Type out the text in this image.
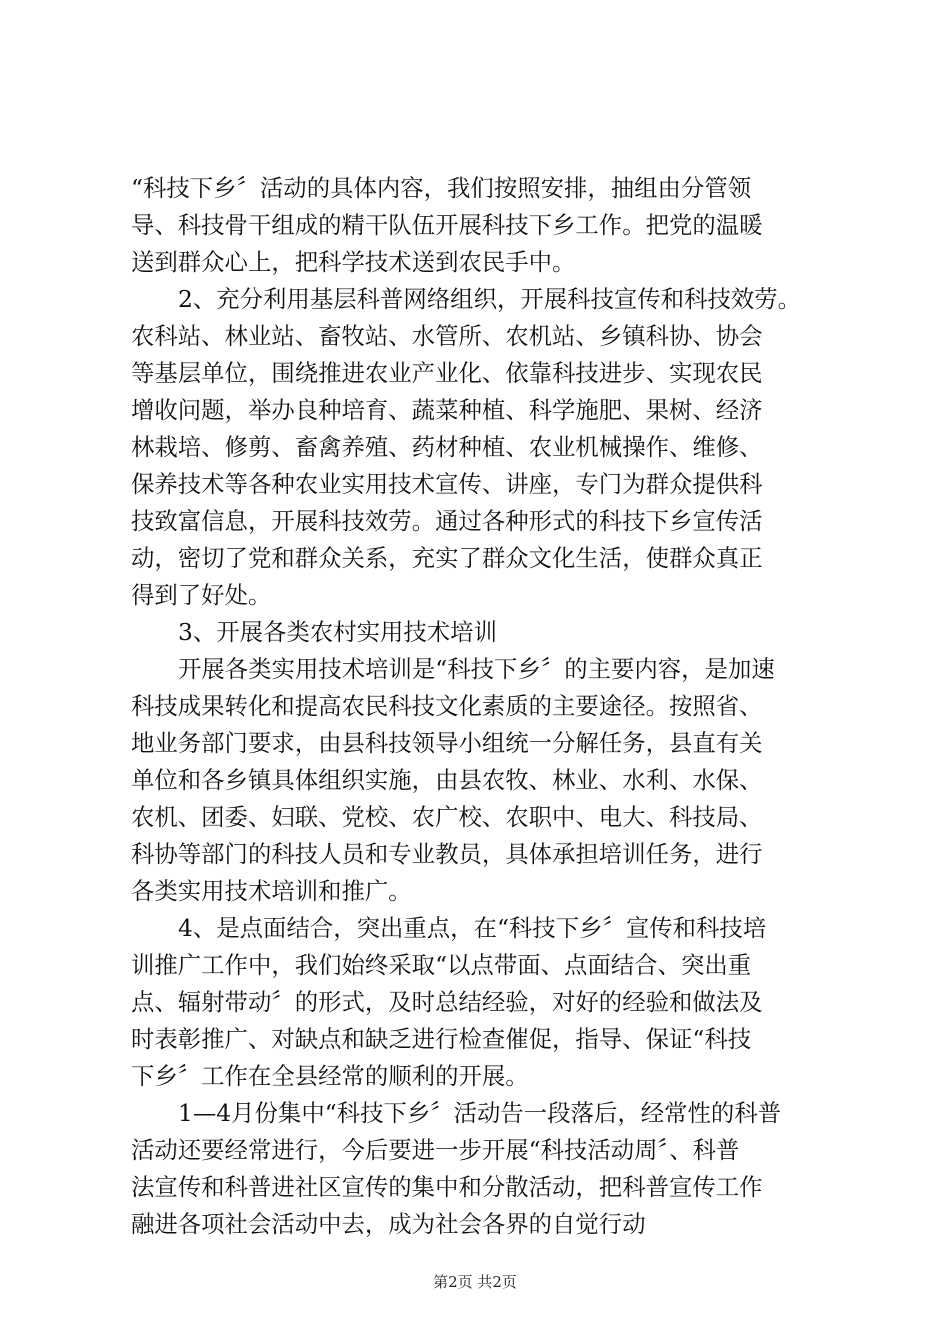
“科技下乡〞活动的具体内容，我们按照安排，抽组由分管领
导、科技骨干组成的精干队伍开展科技下乡工作。把党的温暖
送到群众心上，把科学技术送到农民手中。
2、充分利用基层科普网络组织，开展科技宣传和科技效劳。
农科站、林业站、畜牧站、水管所、农机站、乡镇科协、协会
等基层单位，围绕推进农业产业化、依靠科技进步、实现农民
增收问题，举办良种培育、蔬菜种植、科学施肥、果树、经济
林栽培、修剪、畜禽养殖、药材种植、农业机械操作、维修、
保养技术等各种农业实用技术宣传、讲座，专门为群众提供科
技致富信息，开展科技效劳。通过各种形式的科技下乡宣传活
动，密切了党和群众关系，充实了群众文化生活，使群众真正
得到了好处。
3、开展各类农村实用技术培训
开展各类实用技术培训是“科技下乡〞的主要内容，是加速
科技成果转化和提高农民科技文化素质的主要途径。按照省、
地业务部门要求，由县科技领导小组统一分解任务，县直有关
单位和各乡镇具体组织实施，由县农牧、林业、水利、水保、
农机、团委、妇联、党校、农广校、农职中、电大、科技局、
科协等部门的科技人员和专业教员，具体承担培训任务，进行
各类实用技术培训和推广。
4、是点面结合，突出重点，在“科技下乡〞宣传和科技培
训推广工作中，我们始终采取“以点带面、点面结合、突出重
点、辐射带动〞的形式，及时总结经验，对好的经验和做法及
时表彰推广、对缺点和缺乏进行检查催促，指导、保证“科技
下乡〞工作在全县经常的顺利的开展。
1—4月份集中“科技下乡〞活动告一段落后，经常性的科普
活动还要经常进行，今后要进一步开展“科技活动周〞、科普
法宣传和科普进社区宣传的集中和分散活动，把科普宣传工作
融进各项社会活动中去，成为社会各界的自觉行动
第2页 共2页
